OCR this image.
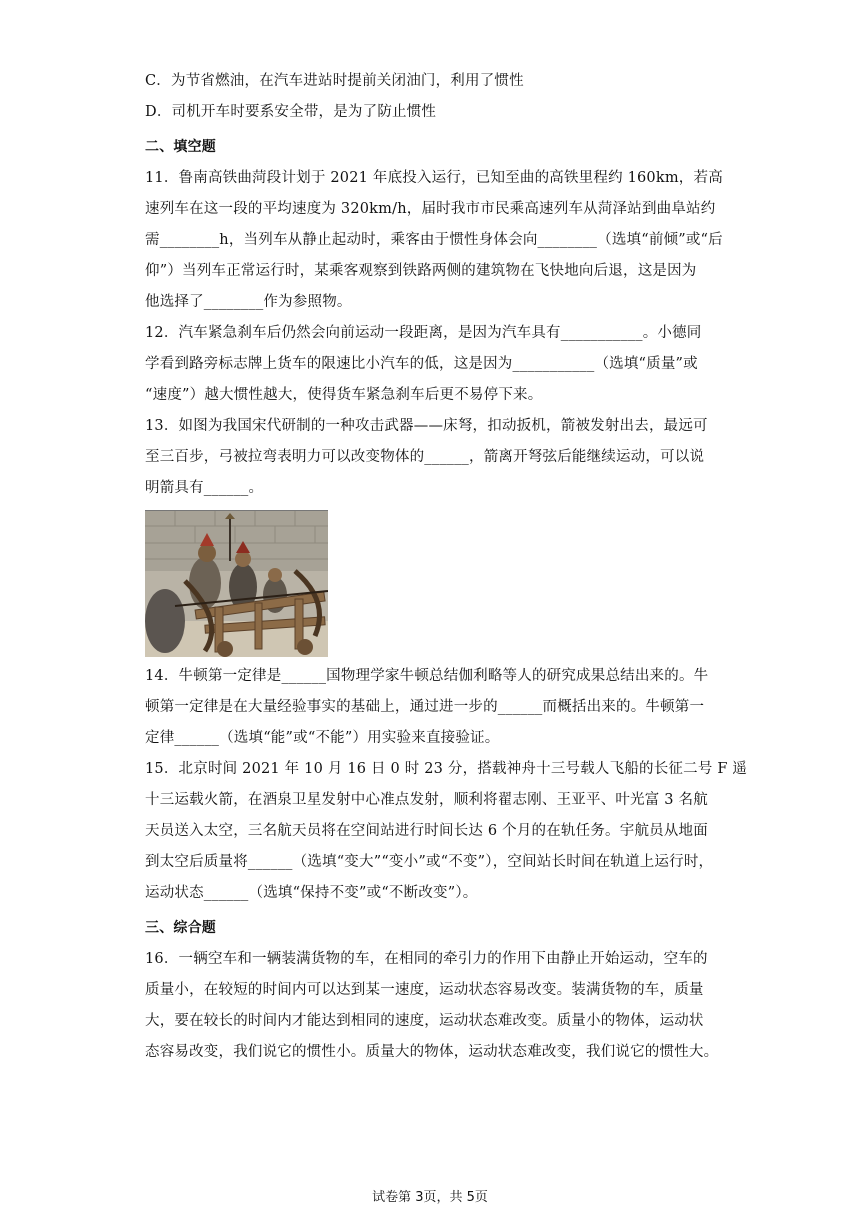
C．为节省燃油，在汽车进站时提前关闭油门，利用了惯性
D．司机开车时要系安全带，是为了防止惯性
二、填空题
11．鲁南高铁曲菏段计划于 2021 年底投入运行，已知至曲的高铁里程约 160km，若高
速列车在这一段的平均速度为 320km/h，届时我市市民乘高速列车从菏泽站到曲阜站约
需________h，当列车从静止起动时，乘客由于惯性身体会向________（选填“前倾”或“后
仰”）当列车正常运行时，某乘客观察到铁路两侧的建筑物在飞快地向后退，这是因为
他选择了________作为参照物。
12．汽车紧急刹车后仍然会向前运动一段距离，是因为汽车具有___________。小德同
学看到路旁标志牌上货车的限速比小汽车的低，这是因为___________（选填“质量”或
“速度”）越大惯性越大，使得货车紧急刹车后更不易停下来。
13．如图为我国宋代研制的一种攻击武器——床弩，扣动扳机，箭被发射出去，最远可
至三百步，弓被拉弯表明力可以改变物体的______，箭离开弩弦后能继续运动，可以说
明箭具有______。
14．牛顿第一定律是______国物理学家牛顿总结伽利略等人的研究成果总结出来的。牛
顿第一定律是在大量经验事实的基础上，通过进一步的______而概括出来的。牛顿第一
定律______（选填“能”或“不能”）用实验来直接验证。
15．北京时间 2021 年 10 月 16 日 0 时 23 分，搭载神舟十三号载人飞船的长征二号 F 遥
十三运载火箭，在酒泉卫星发射中心准点发射，顺利将翟志刚、王亚平、叶光富 3 名航
天员送入太空，三名航天员将在空间站进行时间长达 6 个月的在轨任务。宇航员从地面
到太空后质量将______（选填“变大”“变小”或“不变”），空间站长时间在轨道上运行时，
运动状态______（选填“保持不变”或“不断改变”）。
三、综合题
16．一辆空车和一辆装满货物的车，在相同的牵引力的作用下由静止开始运动，空车的
质量小，在较短的时间内可以达到某一速度，运动状态容易改变。装满货物的车，质量
大，要在较长的时间内才能达到相同的速度，运动状态难改变。质量小的物体，运动状
态容易改变，我们说它的惯性小。质量大的物体，运动状态难改变，我们说它的惯性大。
试卷第 3页，共 5页
